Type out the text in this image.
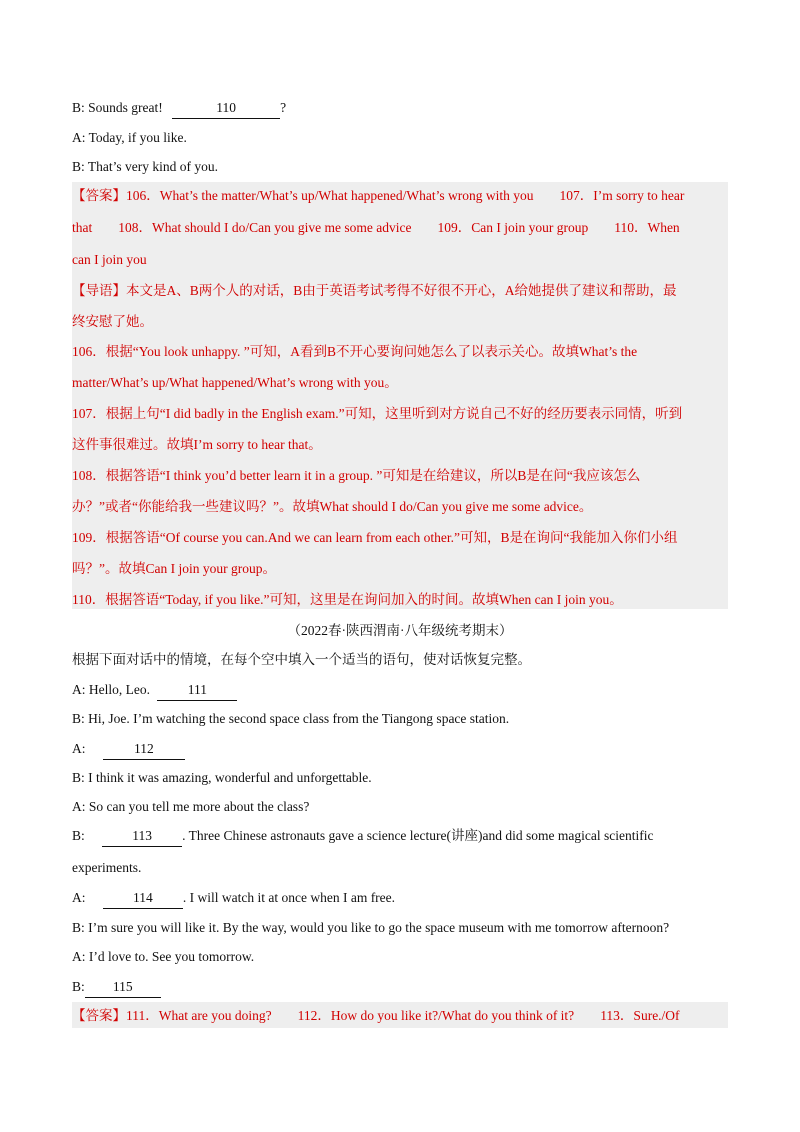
B: Sounds great!	110	?
A: Today, if you like.
B: That’s very kind of you.
【答案】106．What’s the matter/What’s up/What happened/What’s wrong with you 107．I’m sorry to hear
that 108．What should I do/Can you give me some advice 109．Can I join your group 110．When
can I join you
【导语】本文是A、B两个人的对话，B由于英语考试考得不好很不开心，A给她提供了建议和帮助，最
终安慰了她。
106．根据“You look unhappy. ”可知，A看到B不开心要询问她怎么了以表示关心。故填What’s the
matter/What’s up/What happened/What’s wrong with you。
107．根据上句“I did badly in the English exam.”可知，这里听到对方说自己不好的经历要表示同情，听到
这件事很难过。故填I’m sorry to hear that。
108．根据答语“I think you’d better learn it in a group. ”可知是在给建议，所以B是在问“我应该怎么
办？”或者“你能给我一些建议吗？”。故填What should I do/Can you give me some advice。
109．根据答语“Of course you can.And we can learn from each other.”可知，B是在询问“我能加入你们小组
吗？”。故填Can I join your group。
110．根据答语“Today, if you like.”可知，这里是在询问加入的时间。故填When can I join you。
（2022春·陕西渭南·八年级统考期末）
根据下面对话中的情境，在每个空中填入一个适当的语句，使对话恢复完整。
A: Hello, Leo.	111
B: Hi, Joe. I’m watching the second space class from the Tiangong space station.
A:	112
B: I think it was amazing, wonderful and unforgettable.
A: So can you tell me more about the class?
B:	113 . Three Chinese astronauts gave a science lecture(讲座)and did some magical scientific
experiments.
A:	114 . I will watch it at once when I am free.
B: I’m sure you will like it. By the way, would you like to go the space museum with me tomorrow afternoon?
A: I’d love to. See you tomorrow.
B: 115
【答案】111．What are you doing? 112．How do you like it?/What do you think of it? 113．Sure./Of
